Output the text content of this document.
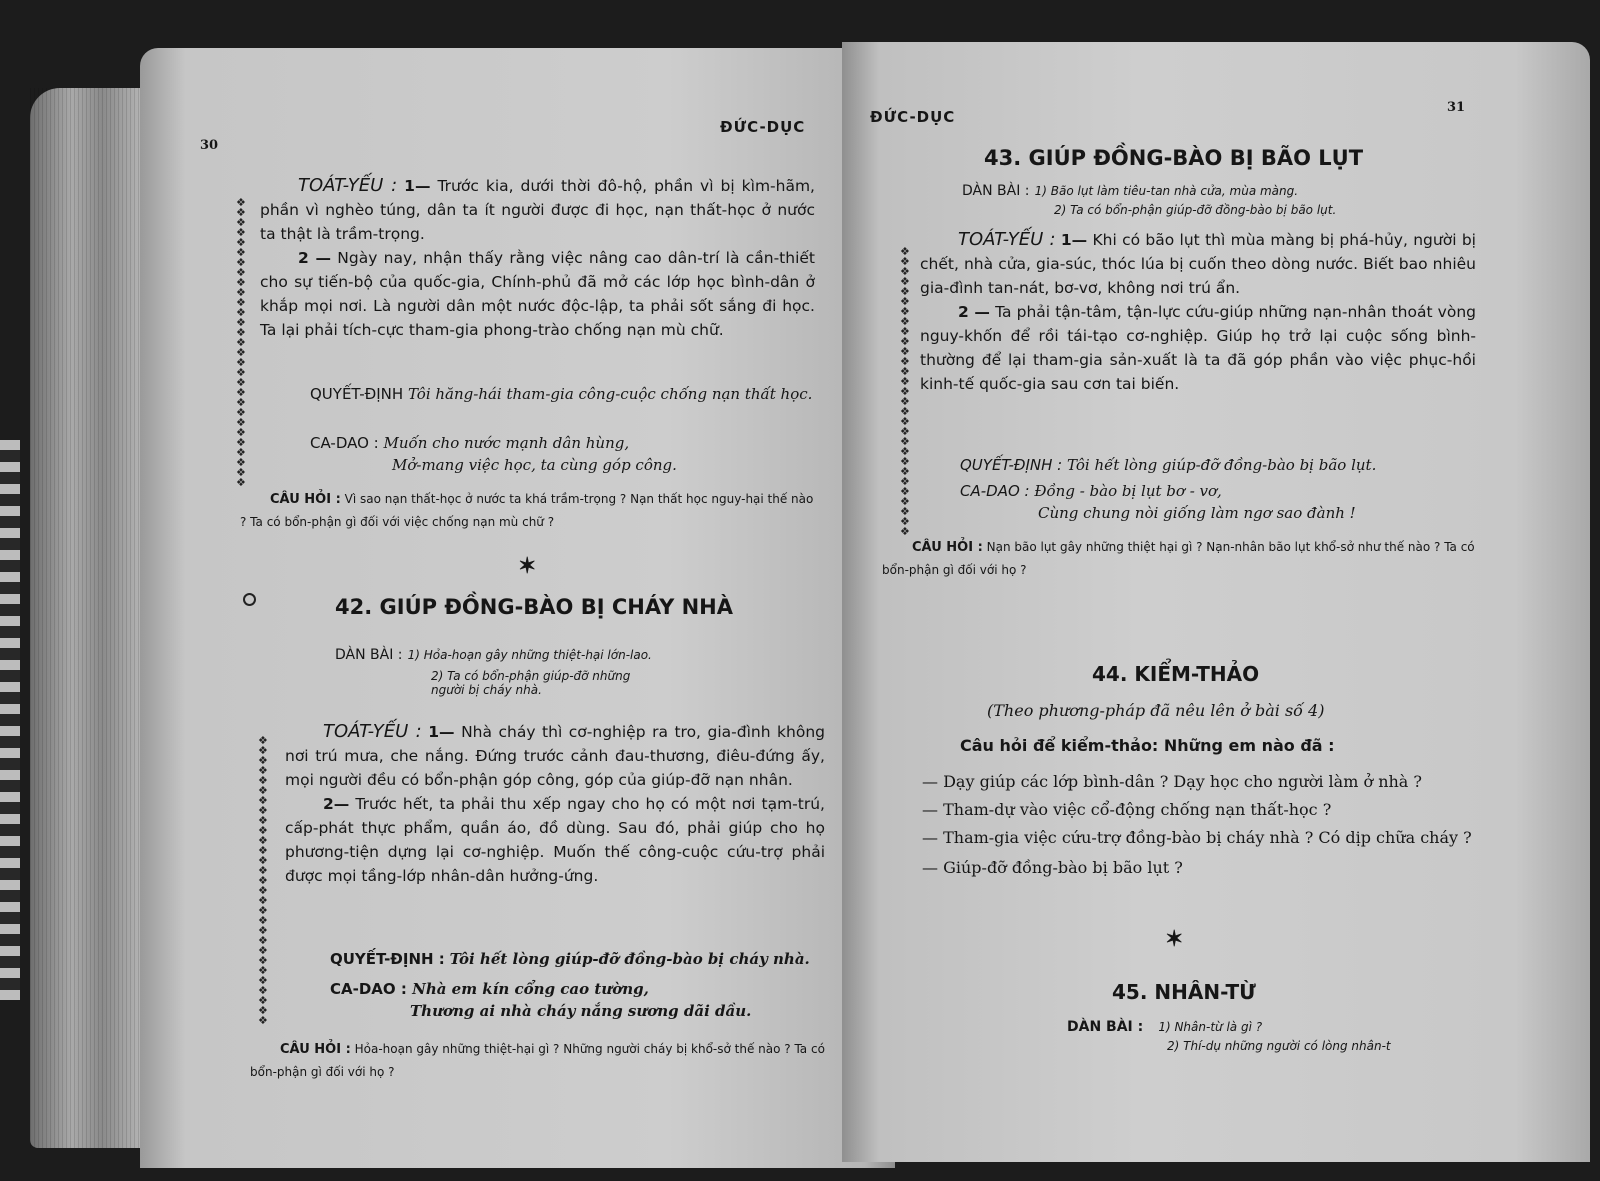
30
ĐỨC-DỤC
❖
❖
❖
❖
❖
❖
❖
❖
❖
❖
❖
❖
❖
❖
❖
❖
❖
❖
❖
❖
❖
❖
❖
❖
❖
❖
❖
❖
❖

TOÁT-YẾU : 1— Trước kia, dưới thời đô-hộ, phần vì bị kìm-hãm, phần vì nghèo túng, dân ta ít người được đi học, nạn thất-học ở nước ta thật là trầm-trọng.

2 — Ngày nay, nhận thấy rằng việc nâng cao dân-trí là cần-thiết cho sự tiến-bộ của quốc-gia, Chính-phủ đã mở các lớp học bình-dân ở khắp mọi nơi. Là người dân một nước độc-lập, ta phải sốt sắng đi học. Ta lại phải tích-cực tham-gia phong-trào chống nạn mù chữ.

QUYẾT-ĐỊNH Tôi hăng-hái tham-gia công-cuộc chống nạn thất học.
CA-DAO : Muốn cho nước mạnh dân hùng,
Mở-mang việc học, ta cùng góp công.
CÂU HỎI : Vì sao nạn thất-học ở nước ta khá trầm-trọng ? Nạn thất học nguy-hại thế nào ? Ta có bổn-phận gì đối với việc chống nạn mù chữ ?
✶
42. GIÚP ĐỒNG-BÀO BỊ CHÁY NHÀ
DÀN BÀI : 1) Hỏa-hoạn gây những thiệt-hại lớn-lao.
2) Ta có bổn-phận giúp-đỡ những người bị cháy nhà.
❖
❖
❖
❖
❖
❖
❖
❖
❖
❖
❖
❖
❖
❖
❖
❖
❖
❖
❖
❖
❖
❖
❖
❖
❖
❖
❖
❖
❖

TOÁT-YẾU : 1— Nhà cháy thì cơ-nghiệp ra tro, gia-đình không nơi trú mưa, che nắng. Đứng trước cảnh đau-thương, điêu-đứng ấy, mọi người đều có bổn-phận góp công, góp của giúp-đỡ nạn nhân.

2— Trước hết, ta phải thu xếp ngay cho họ có một nơi tạm-trú, cấp-phát thực phẩm, quần áo, đồ dùng. Sau đó, phải giúp cho họ phương-tiện dựng lại cơ-nghiệp. Muốn thế công-cuộc cứu-trợ phải được mọi tầng-lớp nhân-dân hưởng-ứng.

QUYẾT-ĐỊNH : Tôi hết lòng giúp-đỡ đồng-bào bị cháy nhà.
CA-DAO : Nhà em kín cổng cao tường,
Thương ai nhà cháy nắng sương dãi dầu.
CÂU HỎI : Hỏa-hoạn gây những thiệt-hại gì ? Những người cháy bị khổ-sở thế nào ? Ta có bổn-phận gì đối với họ ?
31
ĐỨC-DỤC
43. GIÚP ĐỒNG-BÀO BỊ BÃO LỤT
DÀN BÀI : 1) Bão lụt làm tiêu-tan nhà cửa, mùa màng.
2) Ta có bổn-phận giúp-đỡ đồng-bào bị bão lụt.
❖
❖
❖
❖
❖
❖
❖
❖
❖
❖
❖
❖
❖
❖
❖
❖
❖
❖
❖
❖
❖
❖
❖
❖
❖
❖
❖
❖
❖

TOÁT-YẾU : 1— Khi có bão lụt thì mùa màng bị phá-hủy, người bị chết, nhà cửa, gia-súc, thóc lúa bị cuốn theo dòng nước. Biết bao nhiêu gia-đình tan-nát, bơ-vơ, không nơi trú ẩn.

2 — Ta phải tận-tâm, tận-lực cứu-giúp những nạn-nhân thoát vòng nguy-khốn để rồi tái-tạo cơ-nghiệp. Giúp họ trở lại cuộc sống bình-thường để lại tham-gia sản-xuất là ta đã góp phần vào việc phục-hồi kinh-tế quốc-gia sau cơn tai biến.

QUYẾT-ĐỊNH : Tôi hết lòng giúp-đỡ đồng-bào bị bão lụt.
CA-DAO : Đồng - bào bị lụt bơ - vơ,
Cùng chung nòi giống làm ngơ sao đành !
CÂU HỎI : Nạn bão lụt gây những thiệt hại gì ? Nạn-nhân bão lụt khổ-sở như thế nào ? Ta có bổn-phận gì đối với họ ?
44. KIỂM-THẢO
(Theo phương-pháp đã nêu lên ở bài số 4)
Câu hỏi để kiểm-thảo: Những em nào đã :
— Dạy giúp các lớp bình-dân ? Dạy học cho người làm ở nhà ?
— Tham-dự vào việc cổ-động chống nạn thất-học ?
— Tham-gia việc cứu-trợ đồng-bào bị cháy nhà ? Có dịp chữa cháy ?
— Giúp-đỡ đồng-bào bị bão lụt ?
✶
45. NHÂN-TỪ
DÀN BÀI : 1) Nhân-từ là gì ?
2) Thí-dụ những người có lòng nhân-t
